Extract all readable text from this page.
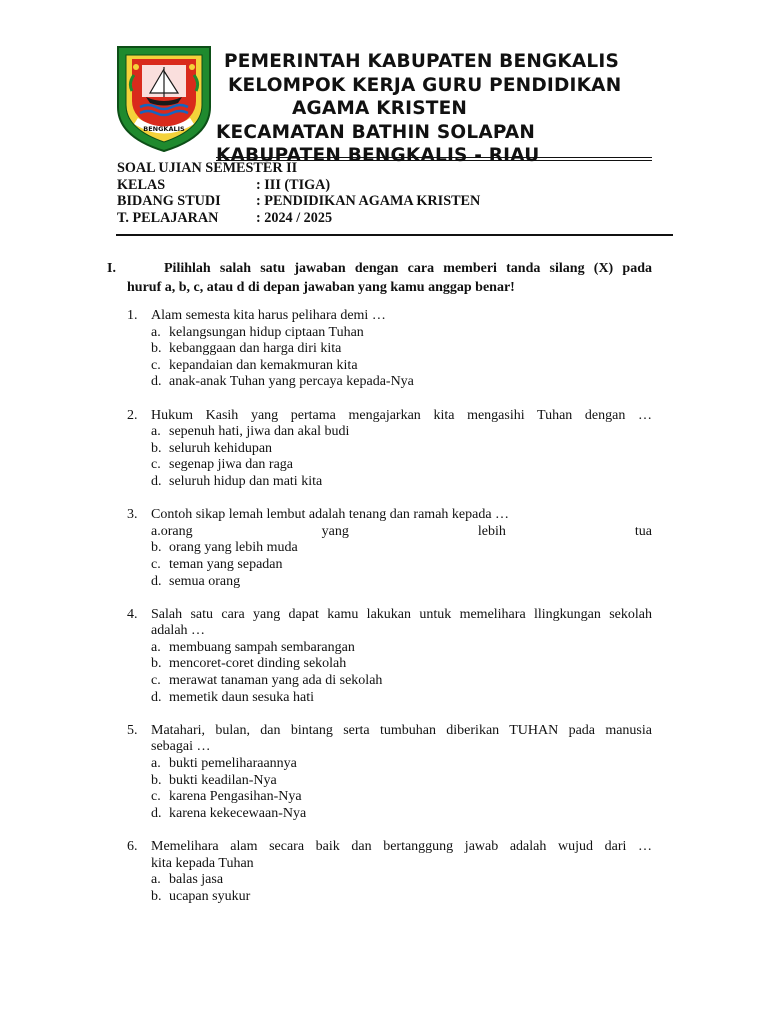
BENGKALIS
PEMERINTAH KABUPATEN BENGKALIS
KELOMPOK KERJA GURU PENDIDIKAN
AGAMA KRISTEN
KECAMATAN BATHIN SOLAPAN
KABUPATEN BENGKALIS - RIAU
SOAL UJIAN SEMESTER II
KELAS	: III (TIGA)
BIDANG STUDI	: PENDIDIKAN AGAMA KRISTEN
T. PELAJARAN	: 2024 / 2025
I.	Pilihlah salah satu jawaban dengan cara memberi tanda silang (X) pada
huruf a, b, c, atau d di depan jawaban yang kamu anggap benar!
1. Alam semesta kita harus pelihara demi …
a. kelangsungan hidup ciptaan Tuhan
b. kebanggaan dan harga diri kita
c. kepandaian dan kemakmuran kita
d. anak-anak Tuhan yang percaya kepada-Nya
2. Hukum Kasih yang pertama mengajarkan kita mengasihi Tuhan dengan …
a. sepenuh hati, jiwa dan akal budi
b. seluruh kehidupan
c. segenap jiwa dan raga
d. seluruh hidup dan mati kita
3. Contoh sikap lemah lembut adalah tenang dan ramah kepada …
a.orang	yang	lebih	tua
b. orang yang lebih muda
c. teman yang sepadan
d. semua orang
4. Salah satu cara yang dapat kamu lakukan untuk memelihara llingkungan sekolah
adalah …
a. membuang sampah sembarangan
b. mencoret-coret dinding sekolah
c. merawat tanaman yang ada di sekolah
d. memetik daun sesuka hati
5. Matahari, bulan, dan bintang serta tumbuhan diberikan TUHAN pada manusia
sebagai …
a. bukti pemeliharaannya
b. bukti keadilan-Nya
c. karena Pengasihan-Nya
d. karena kekecewaan-Nya
6. Memelihara alam secara baik dan bertanggung jawab adalah wujud dari …
kita kepada Tuhan
a. balas jasa
b. ucapan syukur
